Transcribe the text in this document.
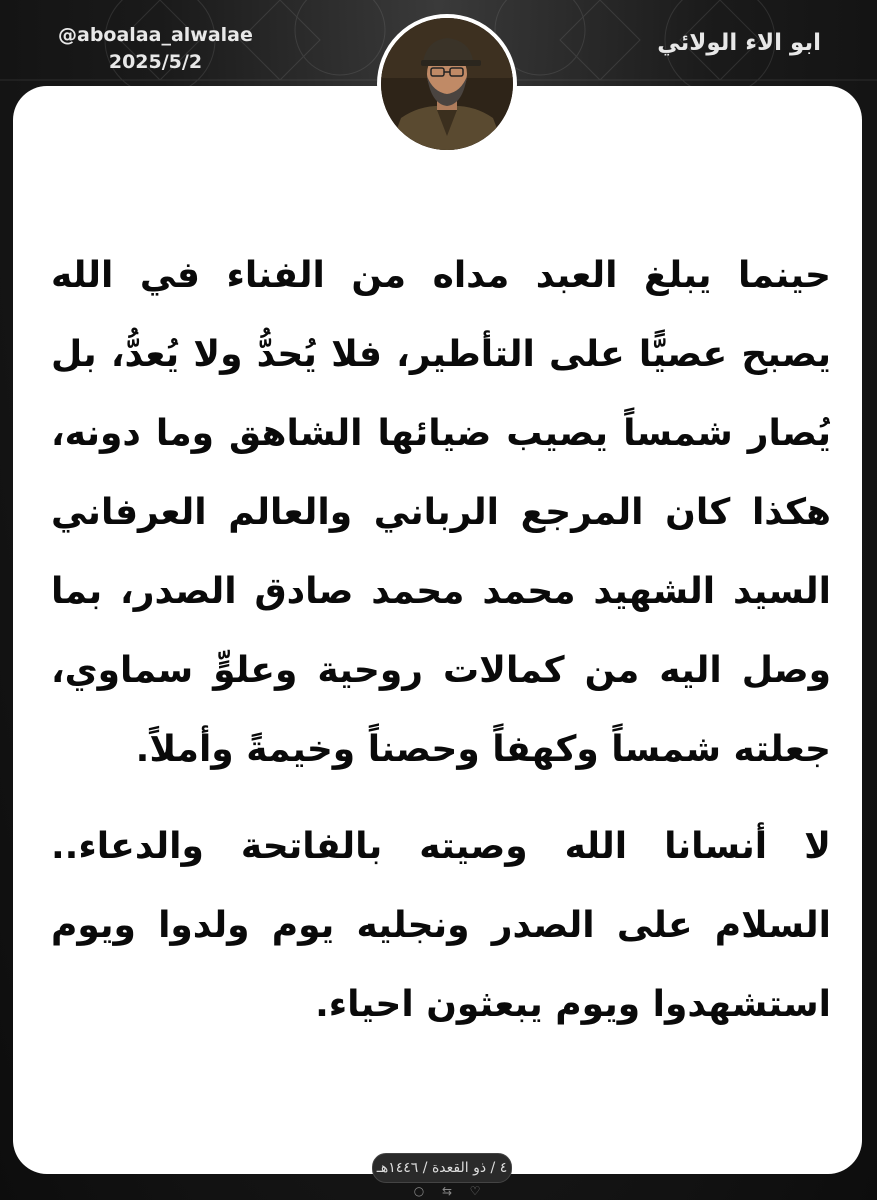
@aboalaa_alwalae
2025/5/2
ابو الاء الولائي

حينما يبلغ العبد مداه من الفناء في الله يصبح عصيًّا على التأطير، فلا يُحدُّ ولا يُعدُّ، بل يُصار شمساً يصيب ضيائها الشاهق وما دونه، هكذا كان المرجع الرباني والعالم العرفاني السيد الشهيد محمد محمد صادق الصدر، بما وصل اليه من كمالات روحية وعلوٍّ سماوي، جعلته شمساً وكهفاً وحصناً وخيمةً وأملاً.

لا أنسانا الله وصيته بالفاتحة والدعاء.. السلام على الصدر ونجليه يوم ولدوا ويوم استشهدوا ويوم يبعثون احياء.

٤ / ذو القعدة / ١٤٤٦هـ
○ ⇆ ♡
